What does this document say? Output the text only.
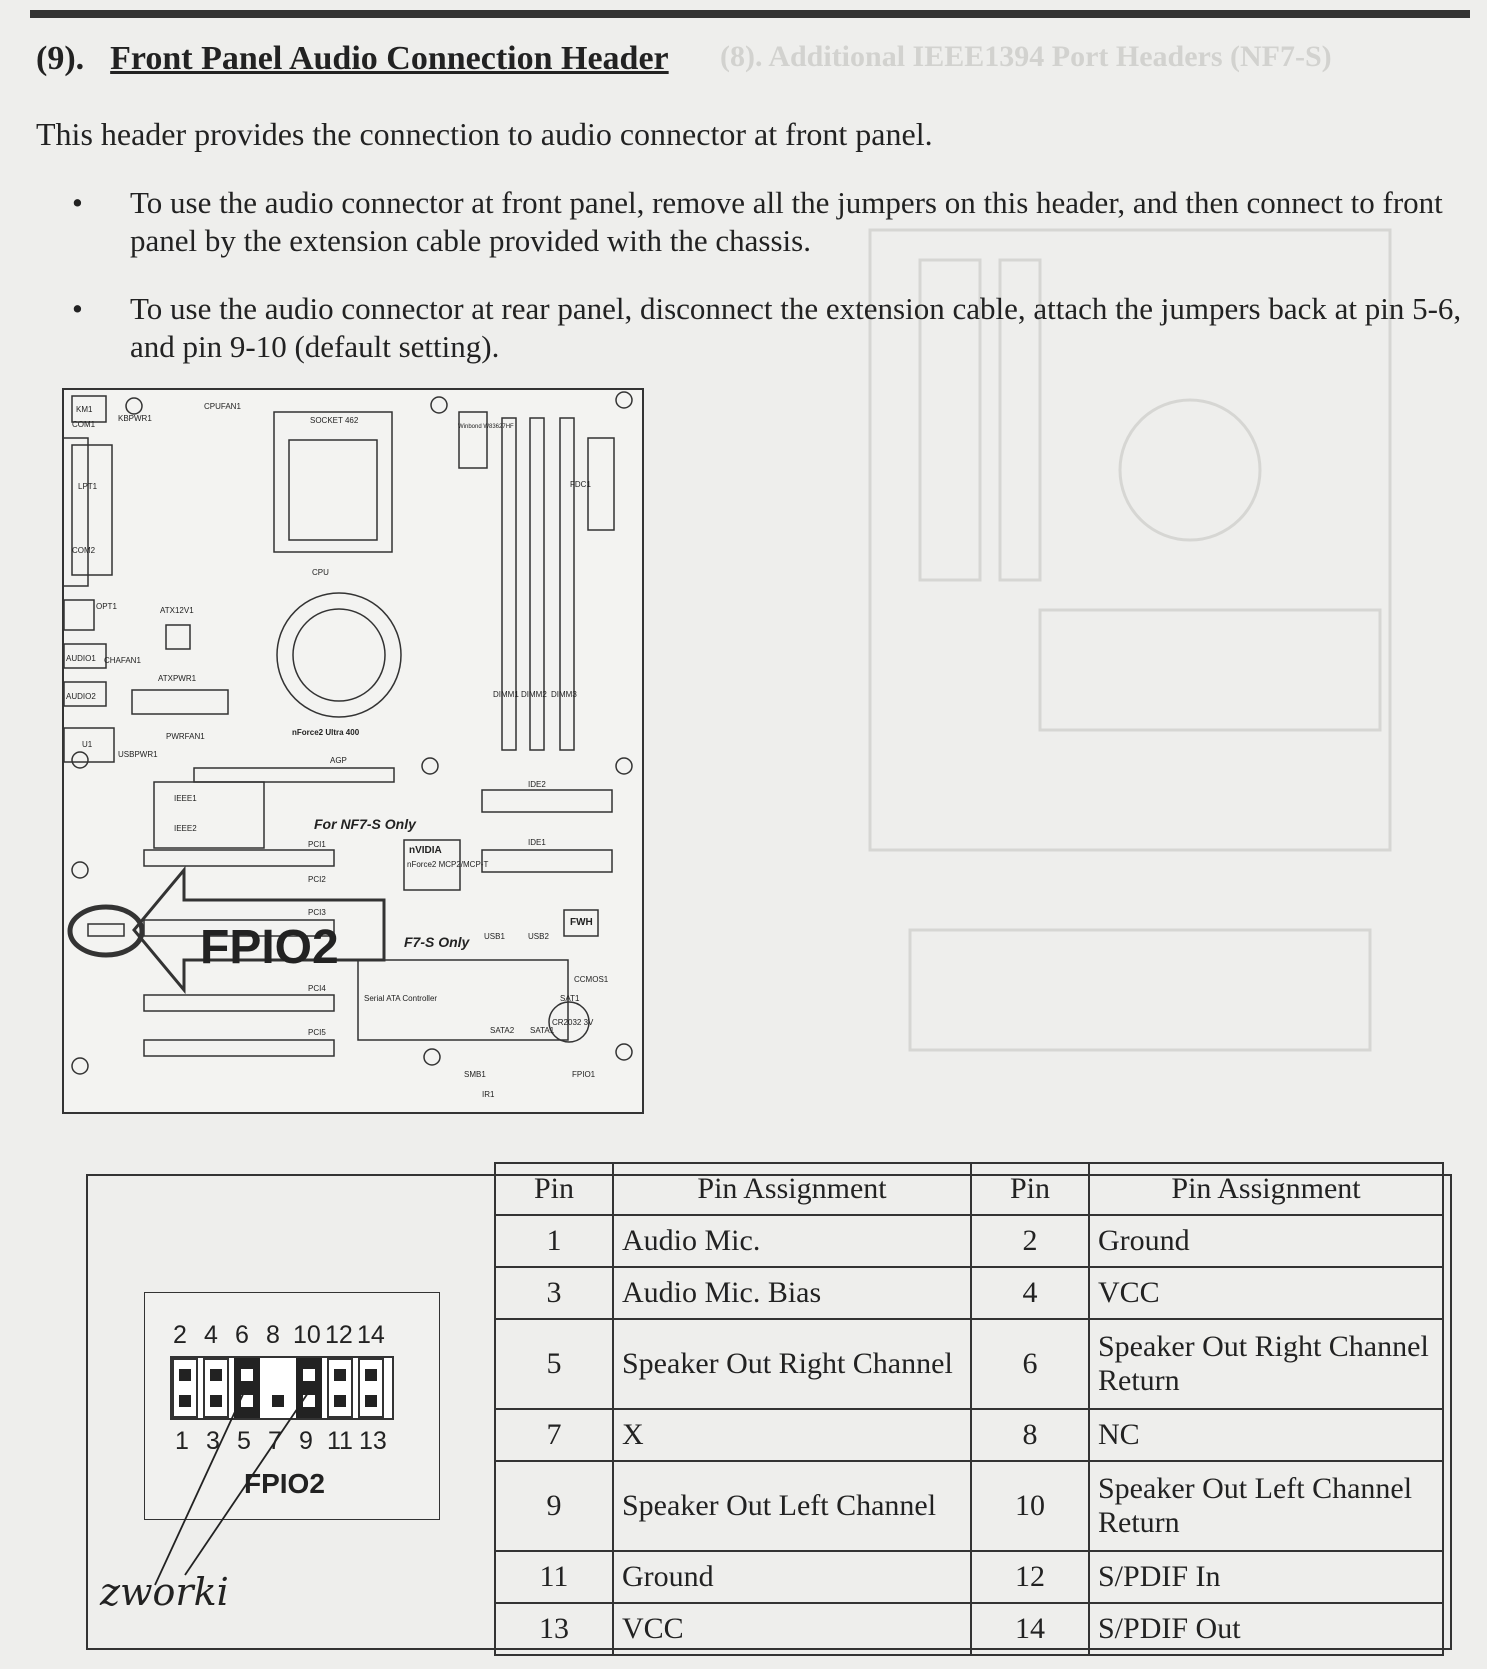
(8). Additional IEEE1394 Port Headers (NF7-S)
(9). Front Panel Audio Connection Header
This header provides the connection to audio connector at front panel.
• To use the audio connector at front panel, remove all the jumpers on this header, and then connect to front panel by the extension cable provided with the chassis.
• To use the audio connector at rear panel, disconnect the extension cable, attach the jumpers back at pin 5-6, and pin 9-10 (default setting).
KM1
KBPWR1
CPUFAN1
COM1
LPT1
COM2
OPT1
AUDIO1
AUDIO2
CHAFAN1
ATX12V1
ATXPWR1
CPU
SOCKET 462
nForce2 Ultra 400
AGP
U1
USBPWR1
PWRFAN1
IEEE1
IEEE2
PCI1
PCI2
PCI3
PCI4
PCI5
DIMM1 DIMM2 DIMM3
FDC1
IDE2
IDE1
nVIDIA
nForce2 MCP2/MCP-T
FWH
USB1	USB2
CCMOS1
SAT1
SATA2 SATA1
CR2032 3V
SMB1
IR1
FPIO1
Serial ATA Controller
Winbond W83627HF
For NF7-S Only
F7-S Only
FPIO2
2 4 6 8 10 12 14
1 3 5 7 9 11 13
FPIO2
zworki
Pin	Pin Assignment	Pin	Pin Assignment
1	Audio Mic.	2	Ground
3	Audio Mic. Bias	4	VCC
5	Speaker Out Right Channel	6	Speaker Out Right Channel Return
7	X	8	NC
9	Speaker Out Left Channel	10	Speaker Out Left Channel Return
11	Ground	12	S/PDIF In
13	VCC	14	S/PDIF Out
